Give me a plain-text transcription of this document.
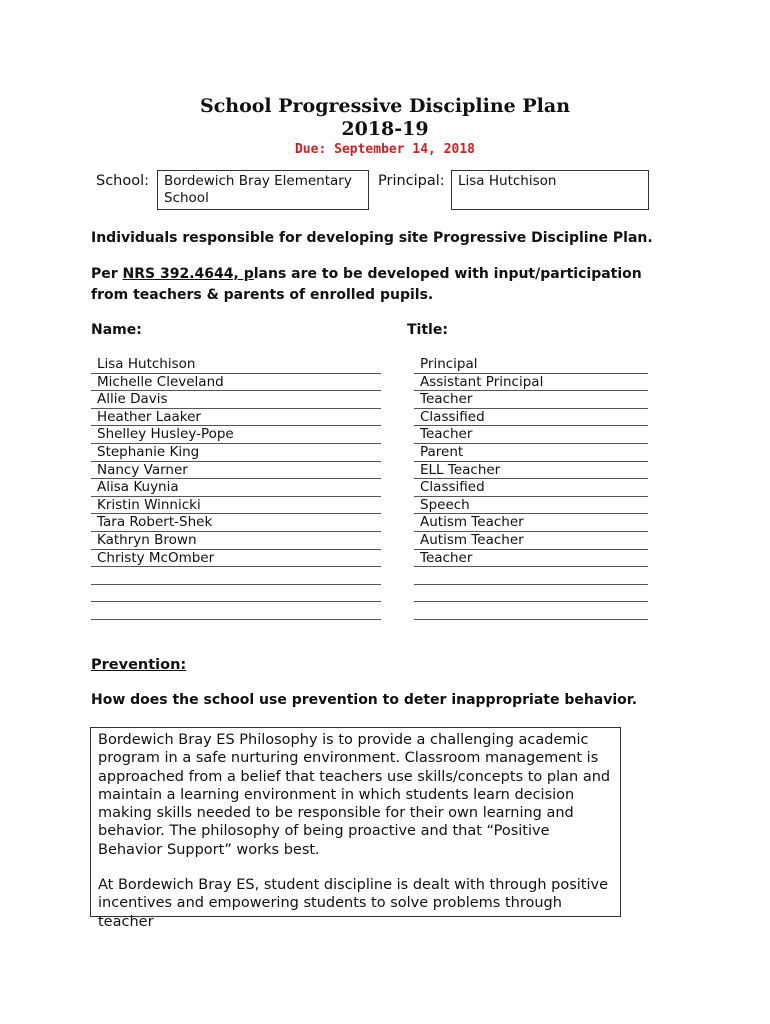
School Progressive Discipline Plan
2018-19
Due: September 14, 2018
School:	Bordewich Bray Elementary School
Principal: Lisa Hutchison
Individuals responsible for developing site Progressive Discipline Plan.
Per NRS 392.4644, plans are to be developed with input/participation from teachers & parents of enrolled pupils.
Name:	Title:
Lisa Hutchison	Principal
Michelle Cleveland	Assistant Principal
Allie Davis	Teacher
Heather Laaker	Classified
Shelley Husley-Pope	Teacher
Stephanie King	Parent
Nancy Varner	ELL Teacher
Alisa Kuynia	Classified
Kristin Winnicki	Speech
Tara Robert-Shek	Autism Teacher
Kathryn Brown	Autism Teacher
Christy McOmber	Teacher
Prevention:
How does the school use prevention to deter inappropriate behavior.

Bordewich Bray ES Philosophy is to provide a challenging academic program in a safe nurturing environment. Classroom management is approached from a belief that teachers use skills/concepts to plan and maintain a learning environment in which students learn decision making skills needed to be responsible for their own learning and behavior. The philosophy of being proactive and that “Positive Behavior Support” works best.

At Bordewich Bray ES, student discipline is dealt with through positive incentives and empowering students to solve problems through teacher
